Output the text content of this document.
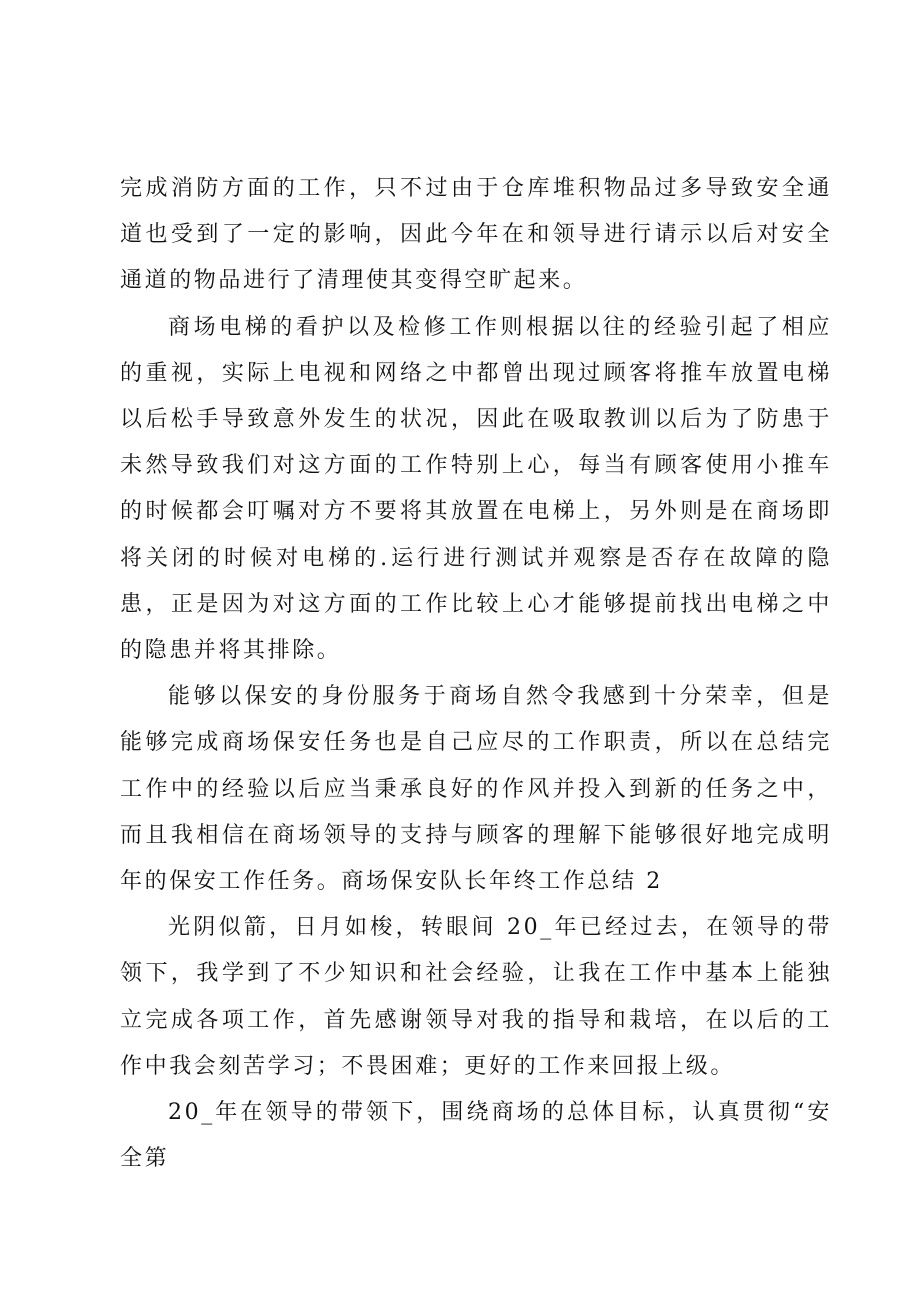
完成消防方面的工作，只不过由于仓库堆积物品过多导致安全通道也受到了一定的影响，因此今年在和领导进行请示以后对安全通道的物品进行了清理使其变得空旷起来。

商场电梯的看护以及检修工作则根据以往的经验引起了相应的重视，实际上电视和网络之中都曾出现过顾客将推车放置电梯以后松手导致意外发生的状况，因此在吸取教训以后为了防患于未然导致我们对这方面的工作特别上心，每当有顾客使用小推车的时候都会叮嘱对方不要将其放置在电梯上，另外则是在商场即将关闭的时候对电梯的.运行进行测试并观察是否存在故障的隐患，正是因为对这方面的工作比较上心才能够提前找出电梯之中的隐患并将其排除。

能够以保安的身份服务于商场自然令我感到十分荣幸，但是能够完成商场保安任务也是自己应尽的工作职责，所以在总结完工作中的经验以后应当秉承良好的作风并投入到新的任务之中，而且我相信在商场领导的支持与顾客的理解下能够很好地完成明年的保安工作任务。商场保安队长年终工作总结 2

光阴似箭，日月如梭，转眼间 20_年已经过去，在领导的带领下，我学到了不少知识和社会经验，让我在工作中基本上能独立完成各项工作，首先感谢领导对我的指导和栽培，在以后的工作中我会刻苦学习；不畏困难；更好的工作来回报上级。

20_年在领导的带领下，围绕商场的总体目标，认真贯彻“安全第
